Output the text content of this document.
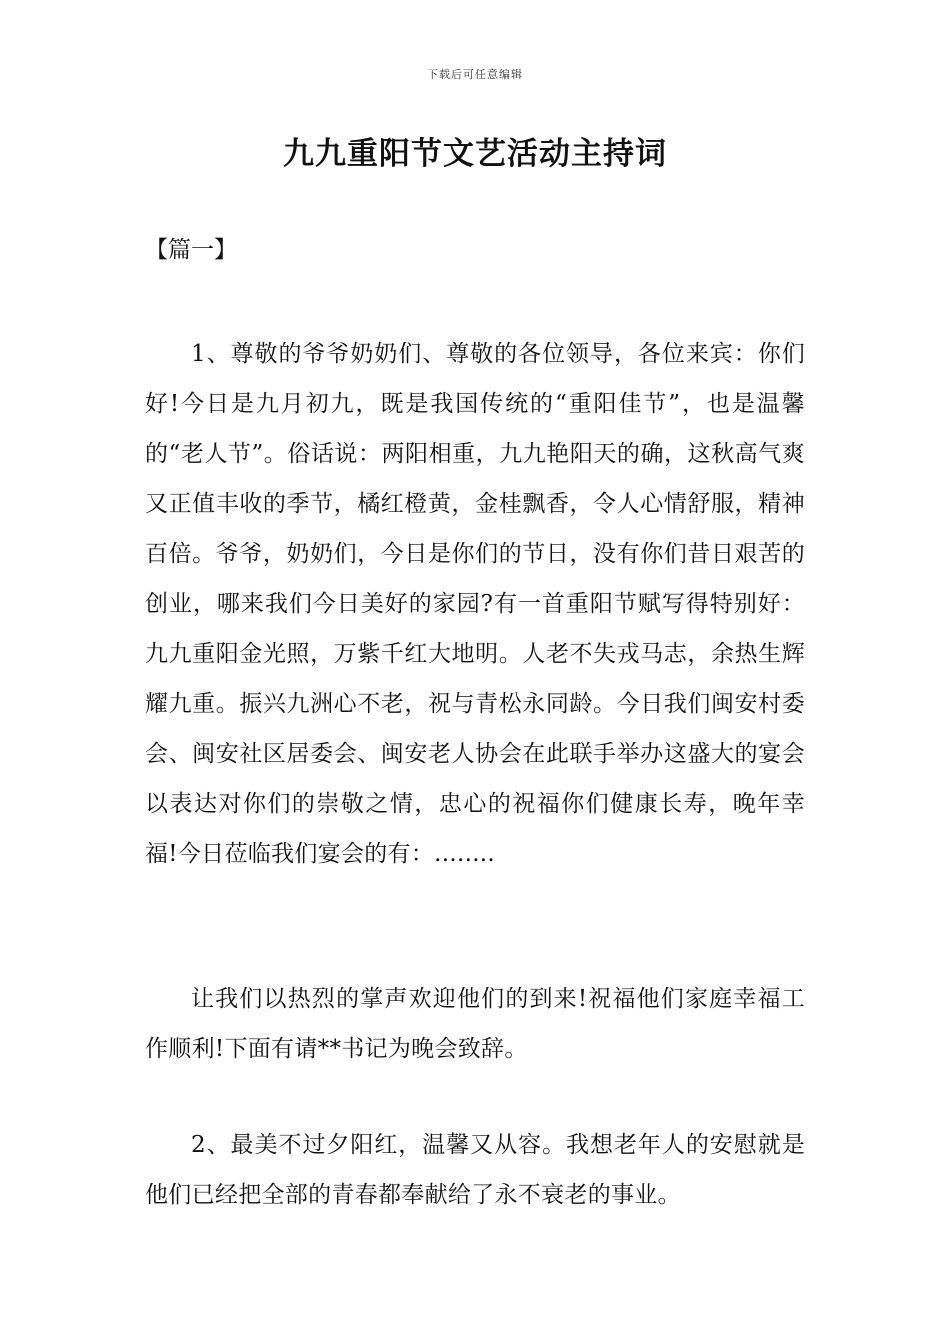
下载后可任意编辑
九九重阳节文艺活动主持词

【篇一】

1、尊敬的爷爷奶奶们、尊敬的各位领导，各位来宾：你们好!今日是九月初九，既是我国传统的“重阳佳节”，也是温馨的“老人节”。俗话说：两阳相重，九九艳阳天的确，这秋高气爽又正值丰收的季节，橘红橙黄，金桂飘香，令人心情舒服，精神百倍。爷爷，奶奶们，今日是你们的节日，没有你们昔日艰苦的创业，哪来我们今日美好的家园?有一首重阳节赋写得特别好：九九重阳金光照，万紫千红大地明。人老不失戎马志，余热生辉耀九重。振兴九洲心不老，祝与青松永同龄。今日我们闽安村委会、闽安社区居委会、闽安老人协会在此联手举办这盛大的宴会以表达对你们的崇敬之情，忠心的祝福你们健康长寿，晚年幸福!今日莅临我们宴会的有：........

让我们以热烈的掌声欢迎他们的到来!祝福他们家庭幸福工作顺利!下面有请**书记为晚会致辞。

2、最美不过夕阳红，温馨又从容。我想老年人的安慰就是他们已经把全部的青春都奉献给了永不衰老的事业。
